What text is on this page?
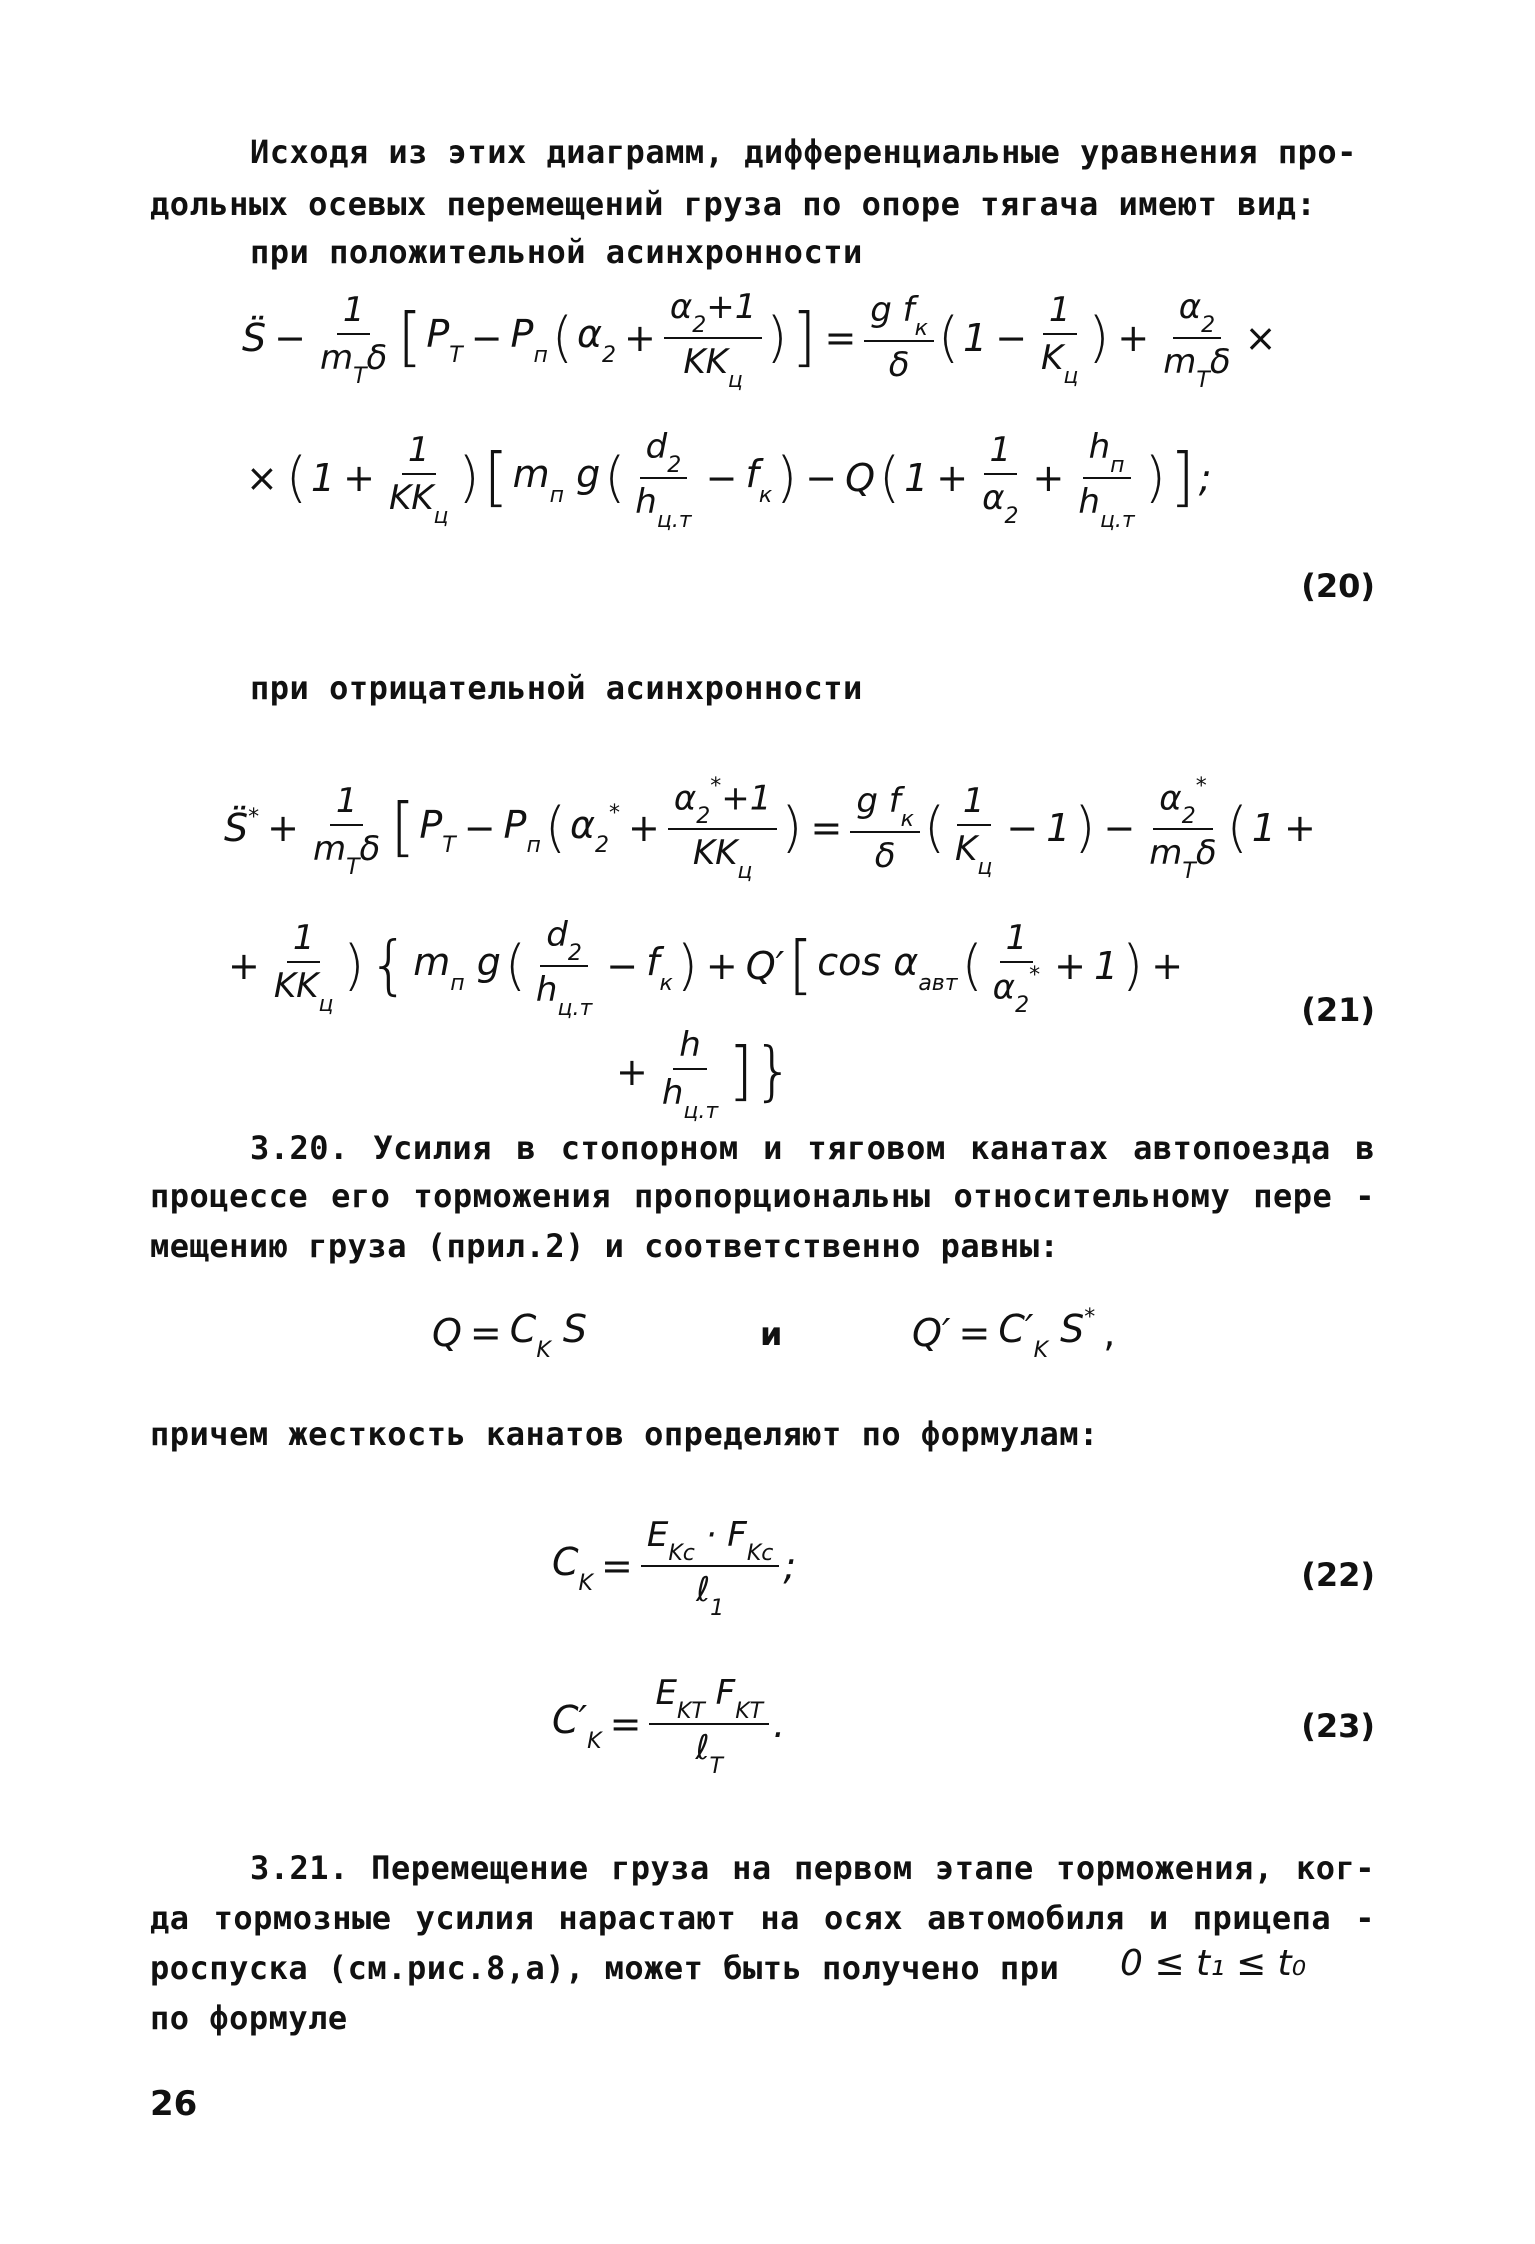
Исходя из этих диаграмм, дифференциальные уравнения про-
дольных осевых перемещений груза по опоре тягача имеют вид:
при положительной асинхронности
S̈ − $\frac{1}{m_T\delta}$ [ $P_T - P_п$ ( $\alpha_2 + \frac{\alpha_2+1}{KK_ц}$ ) ] = $\frac{g f_к}{\delta}$ ( $1 - \frac{1}{K_ц}$ ) + $\frac{\alpha_2}{m_T\delta}$ ×
× ( $1 + \frac{1}{KK_ц}$ ) [ $m_п$ g ( $\frac{d_2}{h_{ц.т}} - f_к$ ) − Q ( $1 + \frac{1}{\alpha_2} + \frac{h_п}{h_{ц.т}}$ ) ] ;
(20)
при отрицательной асинхронности
S̈* + $\frac{1}{m_T\delta}$ [ $P_T - P_п$ ( $\alpha_2^* + \frac{\alpha_2^*+1}{KK_ц}$ ) = $\frac{g f_к}{\delta}$ ( $\frac{1}{K_ц} - 1$ ) − $\frac{\alpha_2^*}{m_T\delta}$ ( 1 +
+ $\frac{1}{KK_ц}$ ) { $m_п$ g ( $\frac{d_2}{h_{ц.т}} - f_к$ ) + Q′ [ $\cos \alpha_{авт}$ ( $\frac{1}{\alpha_2^*} + 1$ ) +
(21)
+ $\frac{h}{h_{ц.т}}$ ]}
3.20. Усилия в стопорном и тяговом канатах автопоезда в
процессе его торможения пропорциональны относительному пере -
мещению груза (прил.2) и соответственно равны:
$Q = C_K$ S	и	$Q' = C'_K$ S* ,
причем жесткость канатов определяют по формулам:
$C_K = \frac{E_{Kc} \cdot F_{Kc}}{\ell_1}$ ;	(22)
$C'_K = \frac{E_{KT} F_{KT}}{\ell_T}$ .	(23)
3.21. Перемещение груза на первом этапе торможения, ког-
да тормозные усилия нарастают на осях автомобиля и прицепа -
роспуска (см.рис.8,а), может быть получено при 0 ≤ t₁ ≤ t₀
по формуле
26
